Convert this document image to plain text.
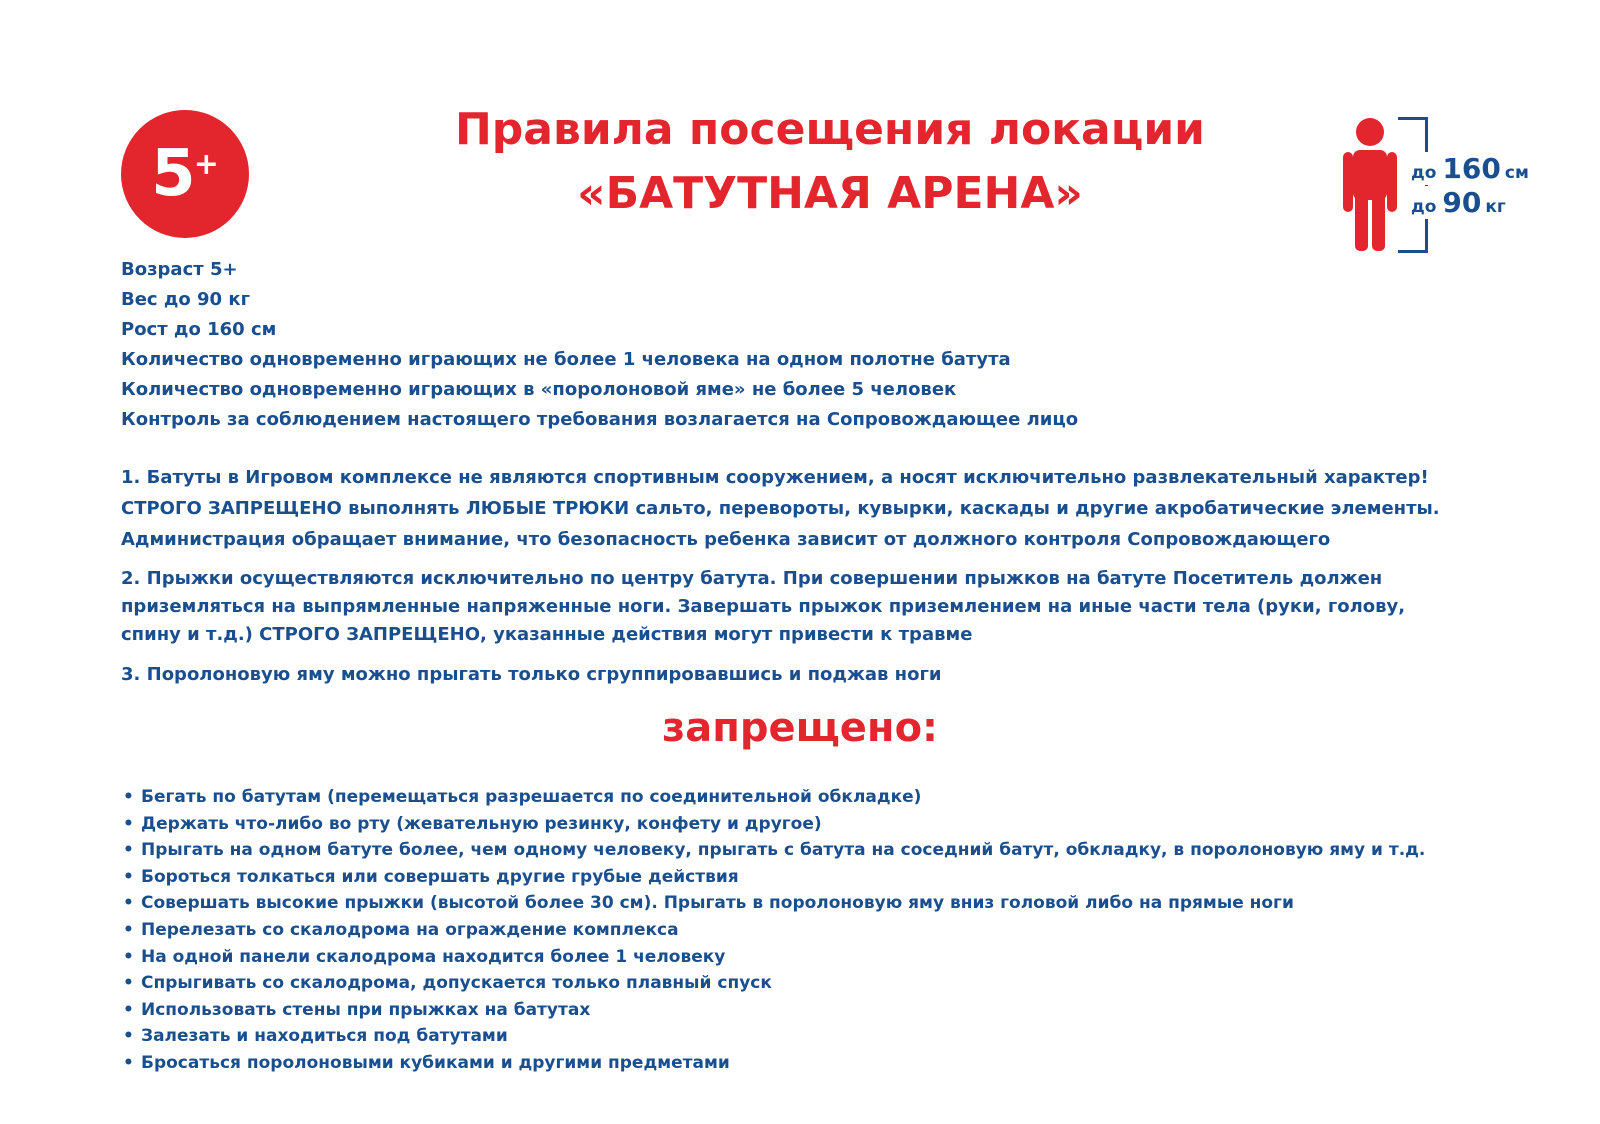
5 +
Правила посещения локации
«БАТУТНАЯ АРЕНА»	до 160 см
до 90 кг
Возраст 5+
Вес до 90 кг
Рост до 160 см
Количество одновременно играющих не более 1 человека на одном полотне батута
Количество одновременно играющих в «поролоновой яме» не более 5 человек
Контроль за соблюдением настоящего требования возлагается на Сопровождающее лицо
1. Батуты в Игровом комплексе не являются спортивным сооружением, а носят исключительно развлекательный характер!
СТРОГО ЗАПРЕЩЕНО выполнять ЛЮБЫЕ ТРЮКИ сальто, перевороты, кувырки, каскады и другие акробатические элементы.
Администрация обращает внимание, что безопасность ребенка зависит от должного контроля Сопровождающего
2. Прыжки осуществляются исключительно по центру батута. При совершении прыжков на батуте Посетитель должен
приземляться на выпрямленные напряженные ноги. Завершать прыжок приземлением на иные части тела (руки, голову,
спину и т.д.) СТРОГО ЗАПРЕЩЕНО, указанные действия могут привести к травме
3. Поролоновую яму можно прыгать только сгруппировавшись и поджав ноги
запрещено:
• Бегать по батутам (перемещаться разрешается по соединительной обкладке)
• Держать что-либо во рту (жевательную резинку, конфету и другое)
• Прыгать на одном батуте более, чем одному человеку, прыгать с батута на соседний батут, обкладку, в поролоновую яму и т.д.
• Бороться толкаться или совершать другие грубые действия
• Совершать высокие прыжки (высотой более 30 см). Прыгать в поролоновую яму вниз головой либо на прямые ноги
• Перелезать со скалодрома на ограждение комплекса
• На одной панели скалодрома находится более 1 человеку
• Спрыгивать со скалодрома, допускается только плавный спуск
• Использовать стены при прыжках на батутах
• Залезать и находиться под батутами
• Бросаться поролоновыми кубиками и другими предметами
